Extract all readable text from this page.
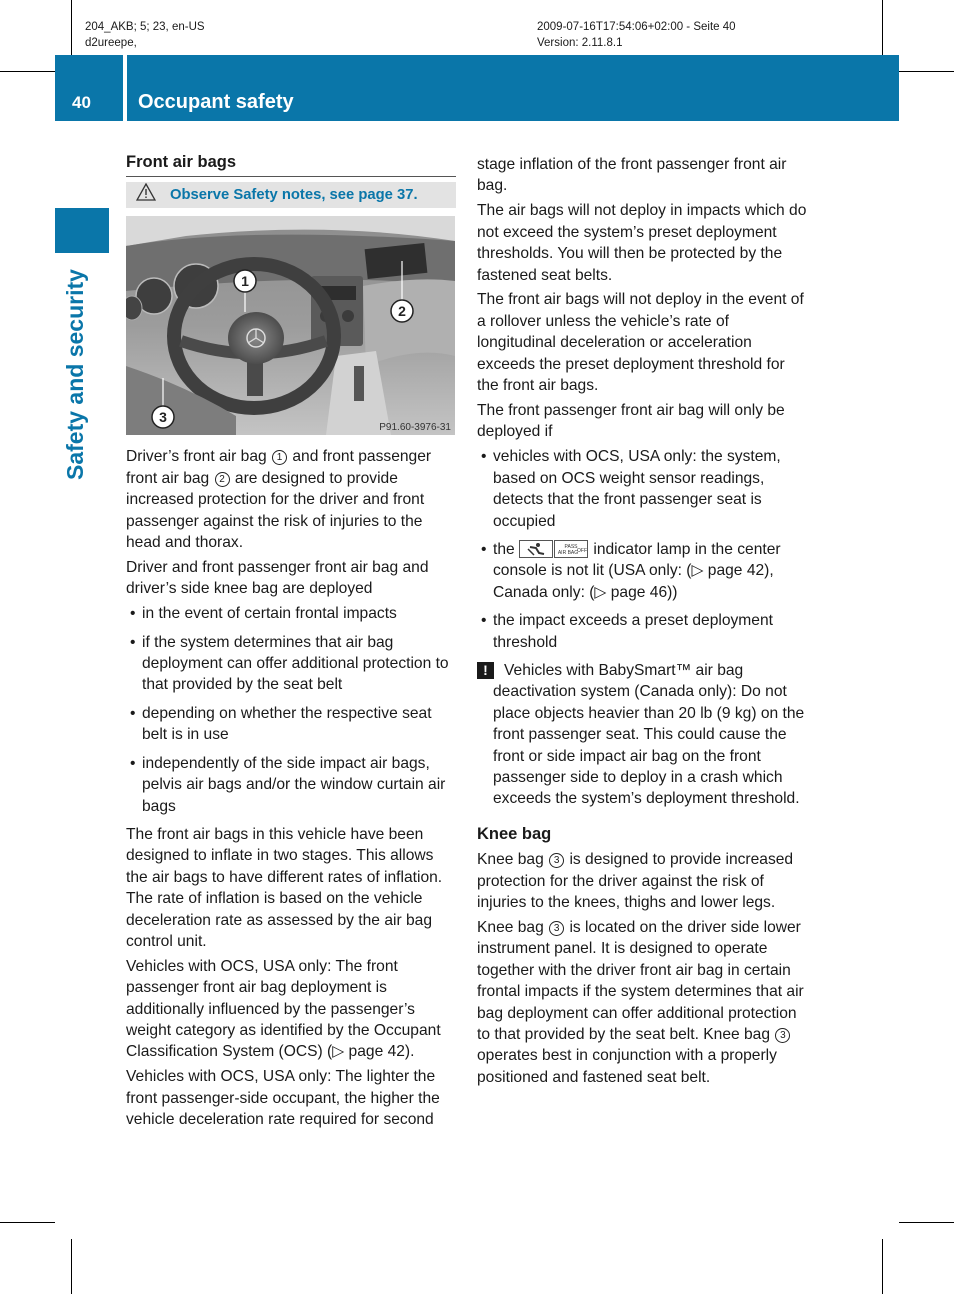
204_AKB; 5; 23, en-US
d2ureepe,
2009-07-16T17:54:06+02:00 - Seite 40
Version: 2.11.8.1
40 Occupant safety
Safety and security
Front air bags
Observe Safety notes, see page 37.
1
2
3
P91.60-3976-31

Driver’s front air bag 1 and front passenger front air bag 2 are designed to provide increased protection for the driver and front passenger against the risk of injuries to the head and thorax.

Driver and front passenger front air bag and driver’s side knee bag are deployed

• in the event of certain frontal impacts
• if the system determines that air bag deployment can offer additional protection to that provided by the seat belt
• depending on whether the respective seat belt is in use
• independently of the side impact air bags, pelvis air bags and/or the window curtain air bags

The front air bags in this vehicle have been designed to inflate in two stages. This allows the air bags to have different rates of inflation. The rate of inflation is based on the vehicle deceleration rate as assessed by the air bag control unit.

Vehicles with OCS, USA only: The front passenger front air bag deployment is additionally influenced by the passenger’s weight category as identified by the Occupant Classification System (OCS) (▷ page 42).

Vehicles with OCS, USA only: The lighter the front passenger-side occupant, the higher the vehicle deceleration rate required for second

stage inflation of the front passenger front air bag.

The air bags will not deploy in impacts which do not exceed the system’s preset deployment thresholds. You will then be protected by the fastened seat belts.

The front air bags will not deploy in the event of a rollover unless the vehicle’s rate of longitudinal deceleration or acceleration exceeds the preset deployment threshold for the front air bags.

The front passenger front air bag will only be deployed if

• vehicles with OCS, USA only: the system, based on OCS weight sensor readings, detects that the front passenger seat is occupied
• the	PASS
AIR BAG
OFF indicator lamp in the center console is not lit (USA only: (▷ page 42), Canada only: (▷ page 46))
• the impact exceeds a preset deployment threshold
!	Vehicles with BabySmart™ air bag deactivation system (Canada only): Do not place objects heavier than 20 lb (9 kg) on the front passenger seat. This could cause the front or side impact air bag on the front passenger side to deploy in a crash which exceeds the system’s deployment threshold.
Knee bag

Knee bag 3 is designed to provide increased protection for the driver against the risk of injuries to the knees, thighs and lower legs.

Knee bag 3 is located on the driver side lower instrument panel. It is designed to operate together with the driver front air bag in certain frontal impacts if the system determines that air bag deployment can offer additional protection to that provided by the seat belt. Knee bag 3 operates best in conjunction with a properly positioned and fastened seat belt.
